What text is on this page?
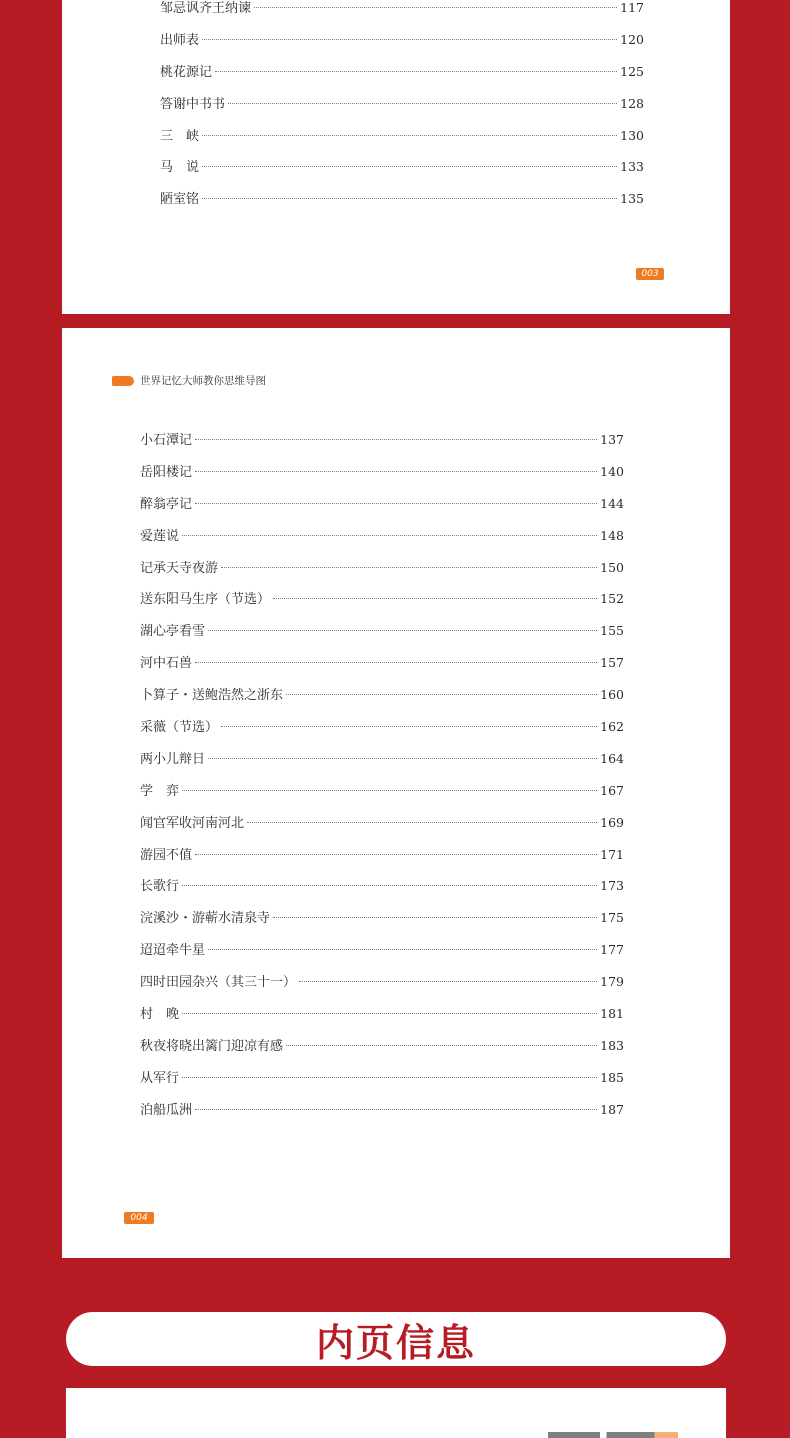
邹忌讽齐王纳谏	117
出师表	120
桃花源记	125
答谢中书书	128
三　峡	130
马　说	133
陋室铭	135
003
世界记忆大师教你思维导图
小石潭记	137
岳阳楼记	140
醉翁亭记	144
爱莲说	148
记承天寺夜游	150
送东阳马生序（节选）	152
湖心亭看雪	155
河中石兽	157
卜算子・送鲍浩然之浙东	160
采薇（节选）	162
两小儿辩日	164
学　弈	167
闻官军收河南河北	169
游园不值	171
长歌行	173
浣溪沙・游蕲水清泉寺	175
迢迢牵牛星	177
四时田园杂兴（其三十一）	179
村　晚	181
秋夜将晓出篱门迎凉有感	183
从军行	185
泊船瓜洲	187
004
内页信息
